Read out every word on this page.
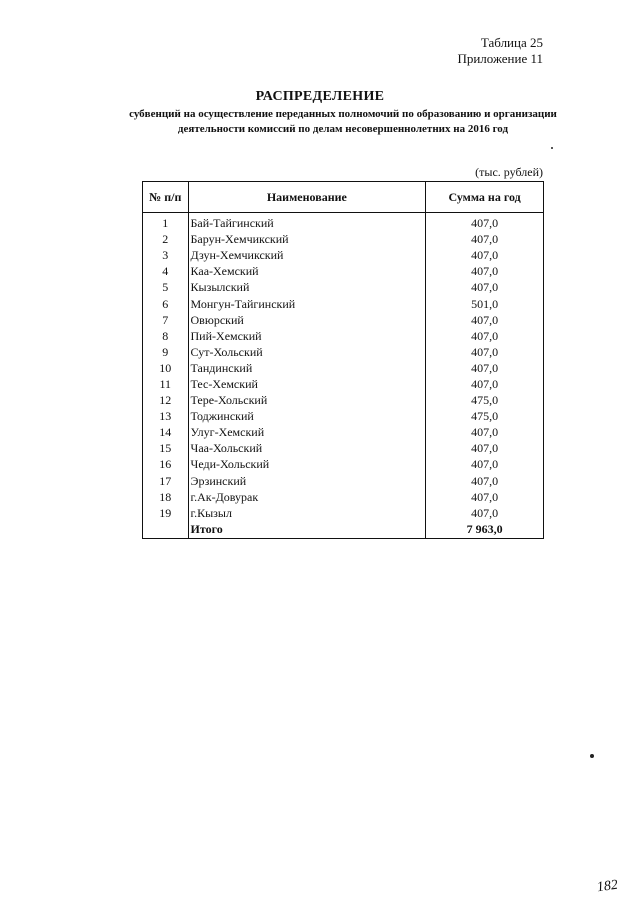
Таблица 25
Приложение 11
РАСПРЕДЕЛЕНИЕ
субвенций на осуществление переданных полномочий по образованию и организации деятельности комиссий по делам несовершеннолетних на 2016 год
(тыс. рублей)
№ п/п	Наименование	Сумма на год
1	Бай-Тайгинский	407,0
2	Барун-Хемчикский	407,0
3	Дзун-Хемчикский	407,0
4	Каа-Хемский	407,0
5	Кызылский	407,0
6	Монгун-Тайгинский	501,0
7	Овюрский	407,0
8	Пий-Хемский	407,0
9	Сут-Хольский	407,0
10	Тандинский	407,0
11	Тес-Хемский	407,0
12	Тере-Хольский	475,0
13	Тоджинский	475,0
14	Улуг-Хемский	407,0
15	Чаа-Хольский	407,0
16	Чеди-Хольский	407,0
17	Эрзинский	407,0
18	г.Ак-Довурак	407,0
19	г.Кызыл	407,0
	Итого	7 963,0
182
